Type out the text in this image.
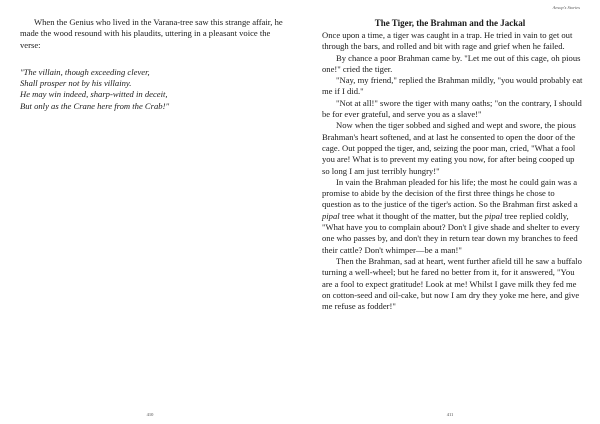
When the Genius who lived in the Varana-tree saw this strange affair, he made the wood resound with his plaudits, uttering in a pleasant voice the verse:

"The villain, though exceeding clever,
Shall prosper not by his villainy.
He may win indeed, sharp-witted in deceit,
But only as the Crane here from the Crab!"
410
Aesop's Stories
The Tiger, the Brahman and the Jackal

Once upon a time, a tiger was caught in a trap. He tried in vain to get out through the bars, and rolled and bit with rage and grief when he failed.

By chance a poor Brahman came by. "Let me out of this cage, oh pious one!" cried the tiger.

"Nay, my friend," replied the Brahman mildly, "you would probably eat me if I did."

"Not at all!" swore the tiger with many oaths; "on the contrary, I should be for ever grateful, and serve you as a slave!"

Now when the tiger sobbed and sighed and wept and swore, the pious Brahman's heart softened, and at last he consented to open the door of the cage. Out popped the tiger, and, seizing the poor man, cried, "What a fool you are! What is to prevent my eating you now, for after being cooped up so long I am just terribly hungry!"

In vain the Brahman pleaded for his life; the most he could gain was a promise to abide by the decision of the first three things he chose to question as to the justice of the tiger's action. So the Brahman first asked a pipal tree what it thought of the matter, but the pipal tree replied coldly, "What have you to complain about? Don't I give shade and shelter to every one who passes by, and don't they in return tear down my branches to feed their cattle? Don't whimper—be a man!"

Then the Brahman, sad at heart, went further afield till he saw a buffalo turning a well-wheel; but he fared no better from it, for it answered, "You are a fool to expect gratitude! Look at me! Whilst I gave milk they fed me on cotton-seed and oil-cake, but now I am dry they yoke me here, and give me refuse as fodder!"

411
